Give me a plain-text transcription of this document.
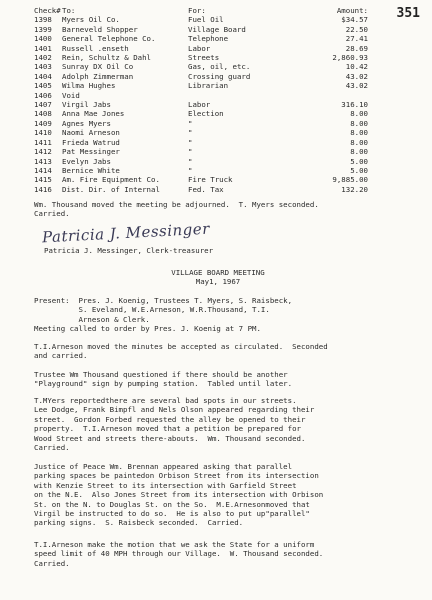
351
Check# To:	For:	Amount:
1398	Myers Oil Co.	Fuel Oil	$34.57
1399	Barneveld Shopper	Village Board	22.50
1400	General Telephone Co.	Telephone	27.41
1401	Russell .enseth	Labor	28.69
1402	Rein, Schultz & Dahl	Streets	2,860.93
1403	Sunray DX Oil Co	Gas, oil, etc.	10.42
1404	Adolph Zimmerman	Crossing guard	43.02
1405	Wilma Hughes	Librarian	43.02
1406	Void
1407	Virgil Jabs	Labor	316.10
1408	Anna Mae Jones	Election	8.00
1409	Agnes Myers	"	8.00
1410	Naomi Arneson	"	8.00
1411	Frieda Watrud	"	8.00
1412	Pat Messinger	"	8.00
1413	Evelyn Jabs	"	5.00
1414	Bernice White	"	5.00
1415	Am. Fire Equipment Co.	Fire Truck	9,885.00
1416	Dist. Dir. of Internal	Fed. Tax	132.20

Wm. Thousand moved the meeting be adjourned.  T. Myers seconded.
Carried.

Patricia J. Messinger

Patricia J. Messinger, Clerk-treasurer

VILLAGE BOARD MEETING
May1, 1967

Present:  Pres. J. Koenig, Trustees T. Myers, S. Raisbeck,
S. Eveland, W.E.Arneson, W.R.Thousand, T.I.
Arneson & Clerk.

Meeting called to order by Pres. J. Koenig at 7 PM.

T.I.Arneson moved the minutes be accepted as circulated.  Seconded
and carried.

Trustee Wm Thousand questioned if there should be another
"Playground" sign by pumping station.  Tabled until later.

T.MYers reportedthere are several bad spots in our streets.
Lee Dodge, Frank Bimpfl and Nels Olson appeared regarding their
street.  Gordon Forbed requested the alley be opened to their
property.  T.I.Arneson moved that a petition be prepared for
Wood Street and streets there-abouts.  Wm. Thousand seconded.
Carried.

Justice of Peace Wm. Brennan appeared asking that parallel
parking spaces be paintedon Orbison Street from its intersection
with Kenzie Street to its intersection with Garfield Street
on the N.E.  Also Jones Street from its intersection with Orbison
St. on the N. to Douglas St. on the So.  M.E.Arnesonmoved that
Virgil be instructed to do so.  He is also to put up"parallel"
parking signs.  S. Raisbeck seconded.  Carried.

T.I.Arneson make the motion that we ask the State for a uniform
speed limit of 40 MPH through our Village.  W. Thousand seconded.
Carried.
